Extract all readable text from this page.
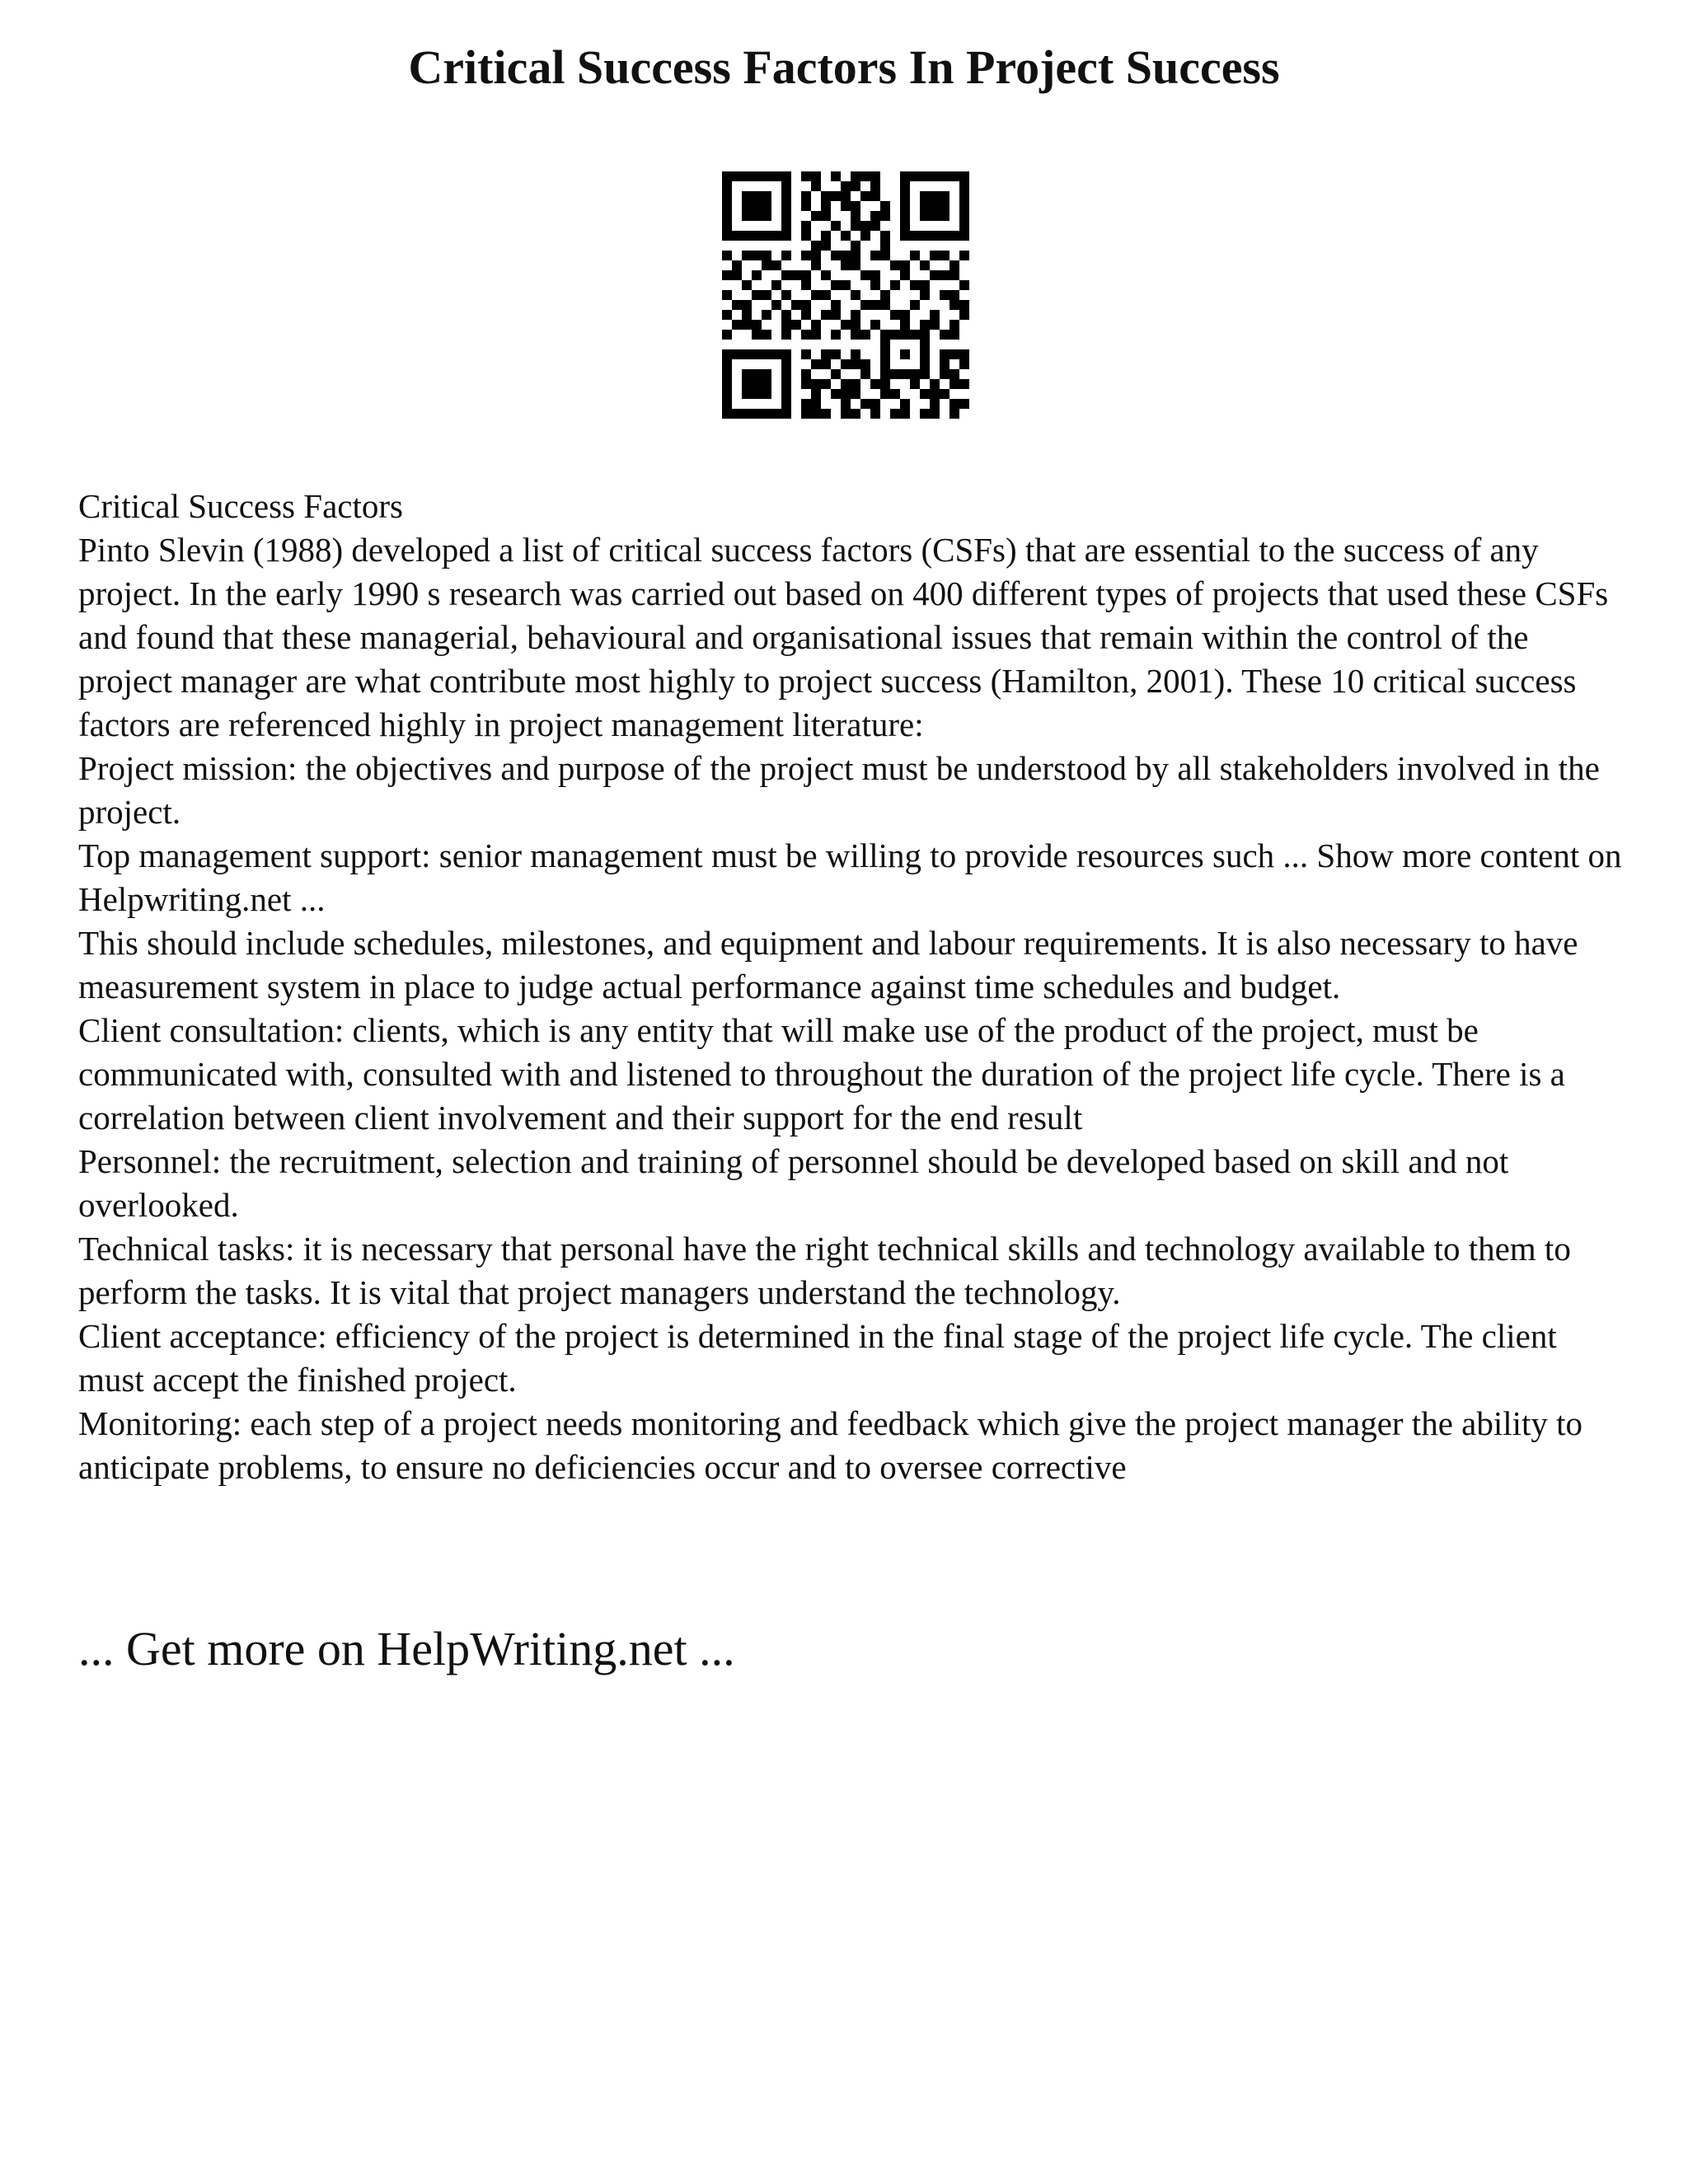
Critical Success Factors In Project Success

Critical Success Factors

Pinto Slevin (1988) developed a list of critical success factors (CSFs) that are essential to the success of any project. In the early 1990 s research was carried out based on 400 different types of projects that used these CSFs and found that these managerial, behavioural and organisational issues that remain within the control of the project manager are what contribute most highly to project success (Hamilton, 2001). These 10 critical success factors are referenced highly in project management literature:

Project mission: the objectives and purpose of the project must be understood by all stakeholders involved in the project.

Top management support: senior management must be willing to provide resources such ... Show more content on Helpwriting.net ...

This should include schedules, milestones, and equipment and labour requirements. It is also necessary to have measurement system in place to judge actual performance against time schedules and budget.

Client consultation: clients, which is any entity that will make use of the product of the project, must be communicated with, consulted with and listened to throughout the duration of the project life cycle. There is a correlation between client involvement and their support for the end result

Personnel: the recruitment, selection and training of personnel should be developed based on skill and not overlooked.

Technical tasks: it is necessary that personal have the right technical skills and technology available to them to perform the tasks. It is vital that project managers understand the technology.

Client acceptance: efficiency of the project is determined in the final stage of the project life cycle. The client must accept the finished project.

Monitoring: each step of a project needs monitoring and feedback which give the project manager the ability to anticipate problems, to ensure no deficiencies occur and to oversee corrective

... Get more on HelpWriting.net ...
